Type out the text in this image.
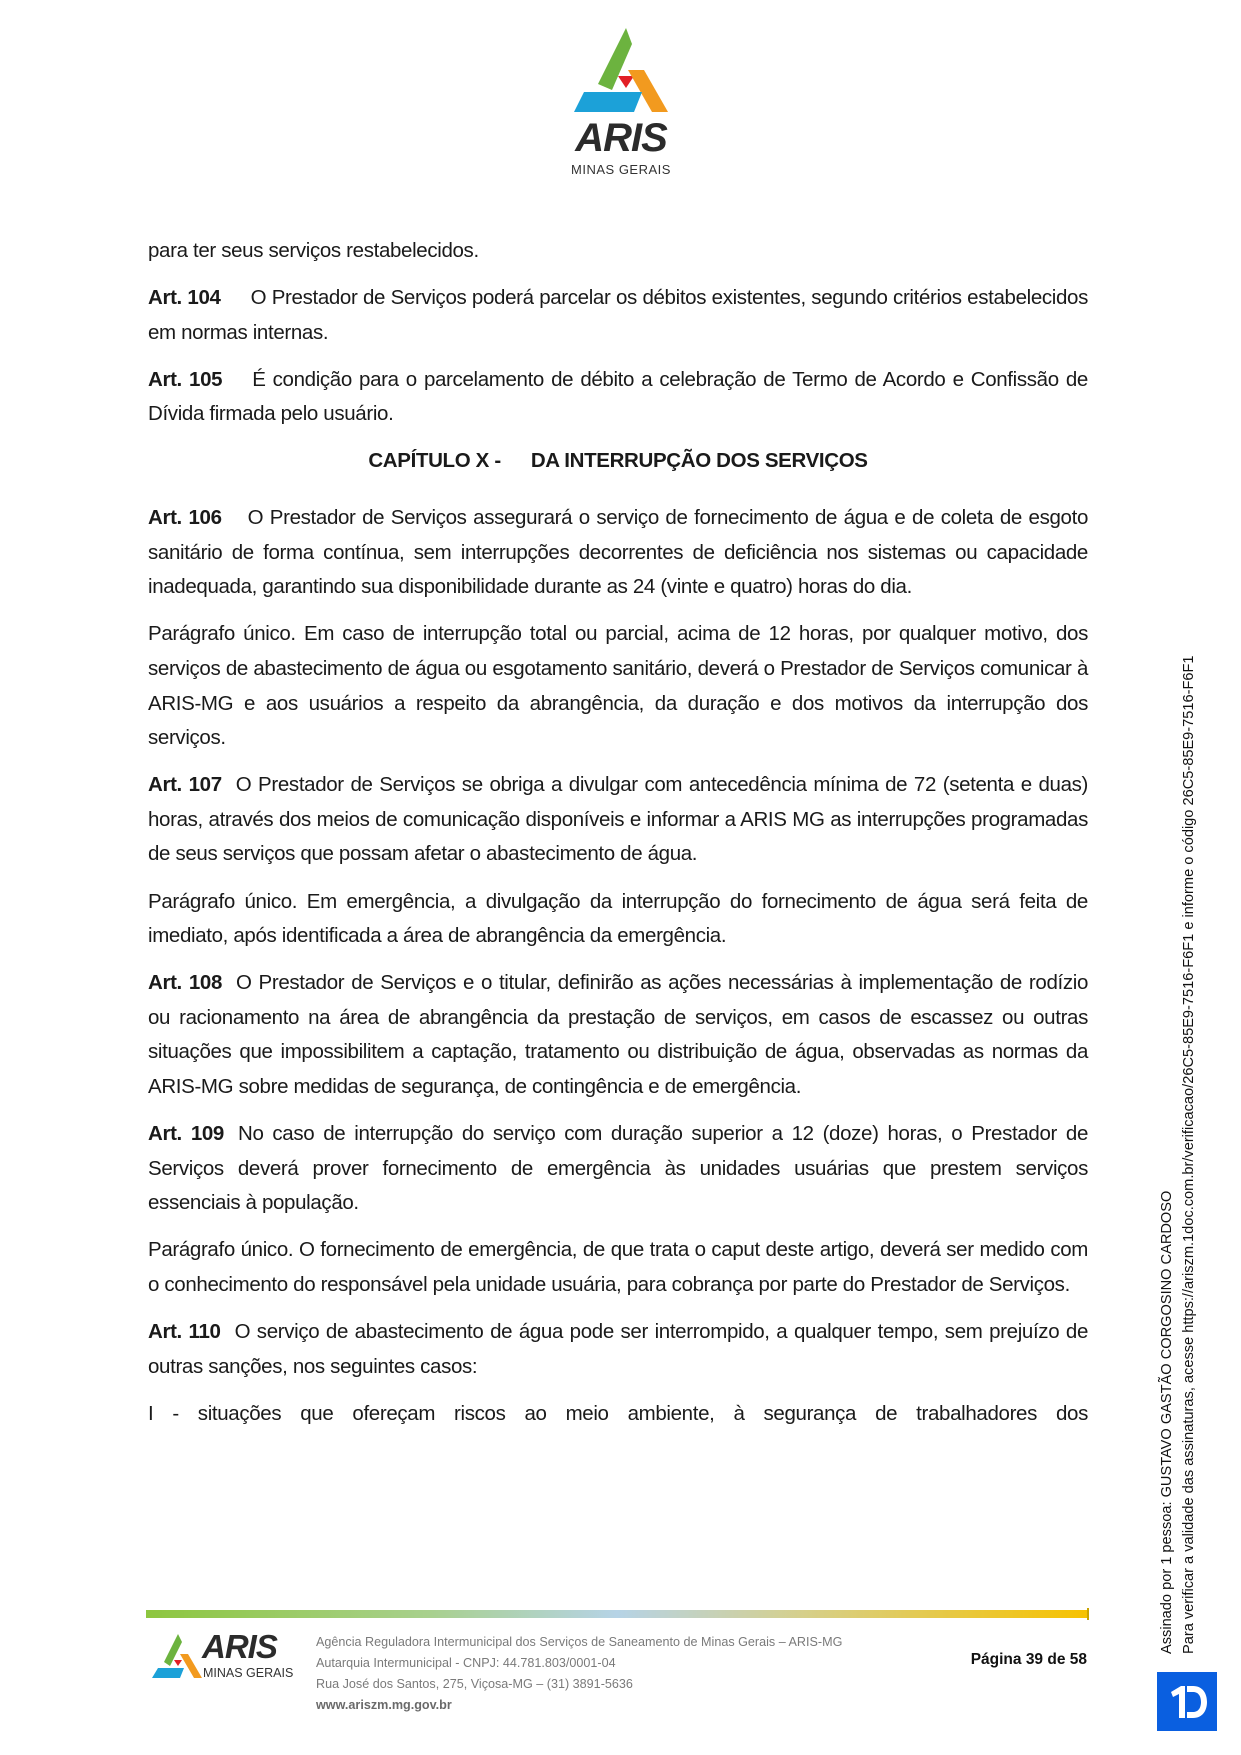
ARIS
MINAS GERAIS

para ter seus serviços restabelecidos.

Art. 104 O Prestador de Serviços poderá parcelar os débitos existentes, segundo critérios estabelecidos em normas internas.

Art. 105 É condição para o parcelamento de débito a celebração de Termo de Acordo e Confissão de Dívida firmada pelo usuário.

CAPÍTULO X - DA INTERRUPÇÃO DOS SERVIÇOS

Art. 106 O Prestador de Serviços assegurará o serviço de fornecimento de água e de coleta de esgoto sanitário de forma contínua, sem interrupções decorrentes de deficiência nos sistemas ou capacidade inadequada, garantindo sua disponibilidade durante as 24 (vinte e quatro) horas do dia.

Parágrafo único. Em caso de interrupção total ou parcial, acima de 12 horas, por qualquer motivo, dos serviços de abastecimento de água ou esgotamento sanitário, deverá o Prestador de Serviços comunicar à ARIS-MG e aos usuários a respeito da abrangência, da duração e dos motivos da interrupção dos serviços.

Art. 107 O Prestador de Serviços se obriga a divulgar com antecedência mínima de 72 (setenta e duas) horas, através dos meios de comunicação disponíveis e informar a ARIS MG as interrupções programadas de seus serviços que possam afetar o abastecimento de água.

Parágrafo único. Em emergência, a divulgação da interrupção do fornecimento de água será feita de imediato, após identificada a área de abrangência da emergência.

Art. 108 O Prestador de Serviços e o titular, definirão as ações necessárias à implementação de rodízio ou racionamento na área de abrangência da prestação de serviços, em casos de escassez ou outras situações que impossibilitem a captação, tratamento ou distribuição de água, observadas as normas da ARIS-MG sobre medidas de segurança, de contingência e de emergência.

Art. 109 No caso de interrupção do serviço com duração superior a 12 (doze) horas, o Prestador de Serviços deverá prover fornecimento de emergência às unidades usuárias que prestem serviços essenciais à população.

Parágrafo único. O fornecimento de emergência, de que trata o caput deste artigo, deverá ser medido com o conhecimento do responsável pela unidade usuária, para cobrança por parte do Prestador de Serviços.

Art. 110 O serviço de abastecimento de água pode ser interrompido, a qualquer tempo, sem prejuízo de outras sanções, nos seguintes casos:

I - situações que ofereçam riscos ao meio ambiente, à segurança de trabalhadores dos

ARIS
MINAS GERAIS
Agência Reguladora Intermunicipal dos Serviços de Saneamento de Minas Gerais – ARIS-MG
Autarquia Intermunicipal - CNPJ: 44.781.803/0001-04
Rua José dos Santos, 275, Viçosa-MG – (31) 3891-5636
www.ariszm.mg.gov.br
Página 39 de 58
Assinado por 1 pessoa: GUSTAVO GASTÃO CORGOSINO CARDOSO Para verificar a validade das assinaturas, acesse https://ariszm.1doc.com.br/verificacao/26C5-85E9-7516-F6F1 e informe o código 26C5-85E9-7516-F6F1
